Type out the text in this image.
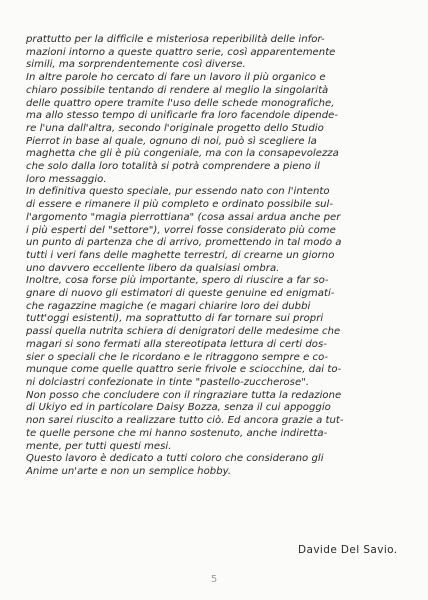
prattutto per la difficile e misteriosa reperibilità delle infor-
mazioni intorno a queste quattro serie, così apparentemente
simili, ma sorprendentemente così diverse.
In altre parole ho cercato di fare un lavoro il più organico e
chiaro possibile tentando di rendere al meglio la singolarità
delle quattro opere tramite l'uso delle schede monografiche,
ma allo stesso tempo di unificarle fra loro facendole dipende-
re l'una dall'altra, secondo l'originale progetto dello Studio
Pierrot in base al quale, ognuno di noi, può sì scegliere la
maghetta che gli è più congeniale, ma con la consapevolezza
che solo dalla loro totalità si potrà comprendere a pieno il
loro messaggio.
In definitiva questo speciale, pur essendo nato con l'intento
di essere e rimanere il più completo e ordinato possibile sul-
l'argomento "magia pierrottiana" (cosa assai ardua anche per
i più esperti del "settore"), vorrei fosse considerato più come
un punto di partenza che di arrivo, promettendo in tal modo a
tutti i veri fans delle maghette terrestri, di crearne un giorno
uno davvero eccellente libero da qualsiasi ombra.
Inoltre, cosa forse più importante, spero di riuscire a far so-
gnare di nuovo gli estimatori di queste genuine ed enigmati-
che ragazzine magiche (e magari chiarire loro dei dubbi
tutt'oggi esistenti), ma soprattutto di far tornare sui propri
passi quella nutrita schiera di denigratori delle medesime che
magari si sono fermati alla stereotipata lettura di certi dos-
sier o speciali che le ricordano e le ritraggono sempre e co-
munque come quelle quattro serie frivole e sciocchine, dai to-
ni dolciastri confezionate in tinte "pastello-zuccherose".
Non posso che concludere con il ringraziare tutta la redazione
di Ukiyo ed in particolare Daisy Bozza, senza il cui appoggio
non sarei riuscito a realizzare tutto ciò. Ed ancora grazie a tut-
te quelle persone che mi hanno sostenuto, anche indiretta-
mente, per tutti questi mesi.
Questo lavoro è dedicato a tutti coloro che considerano gli
Anime un'arte e non un semplice hobby.
Davide Del Savio.
5
